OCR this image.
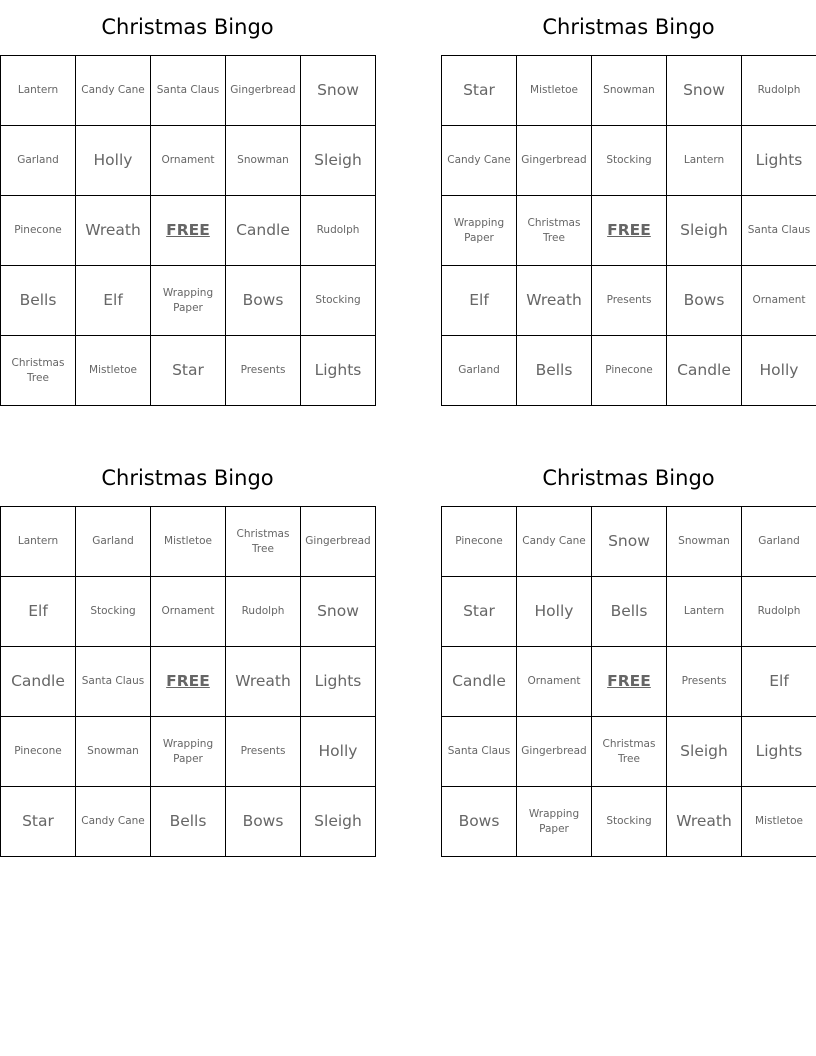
Christmas Bingo
Lantern	Candy Cane	Santa Claus	Gingerbread	Snow
Garland	Holly	Ornament	Snowman	Sleigh
Pinecone	Wreath	FREE	Candle	Rudolph
Bells	Elf	Wrapping Paper	Bows	Stocking
Christmas Tree	Mistletoe	Star	Presents	Lights
Christmas Bingo
Star	Mistletoe	Snowman	Snow	Rudolph
Candy Cane	Gingerbread	Stocking	Lantern	Lights
Wrapping Paper	Christmas Tree	FREE	Sleigh	Santa Claus
Elf	Wreath	Presents	Bows	Ornament
Garland	Bells	Pinecone	Candle	Holly
Christmas Bingo
Lantern	Garland	Mistletoe	Christmas Tree	Gingerbread
Elf	Stocking	Ornament	Rudolph	Snow
Candle	Santa Claus	FREE	Wreath	Lights
Pinecone	Snowman	Wrapping Paper	Presents	Holly
Star	Candy Cane	Bells	Bows	Sleigh
Christmas Bingo
Pinecone	Candy Cane	Snow	Snowman	Garland
Star	Holly	Bells	Lantern	Rudolph
Candle	Ornament	FREE	Presents	Elf
Santa Claus	Gingerbread	Christmas Tree	Sleigh	Lights
Bows	Wrapping Paper	Stocking	Wreath	Mistletoe
